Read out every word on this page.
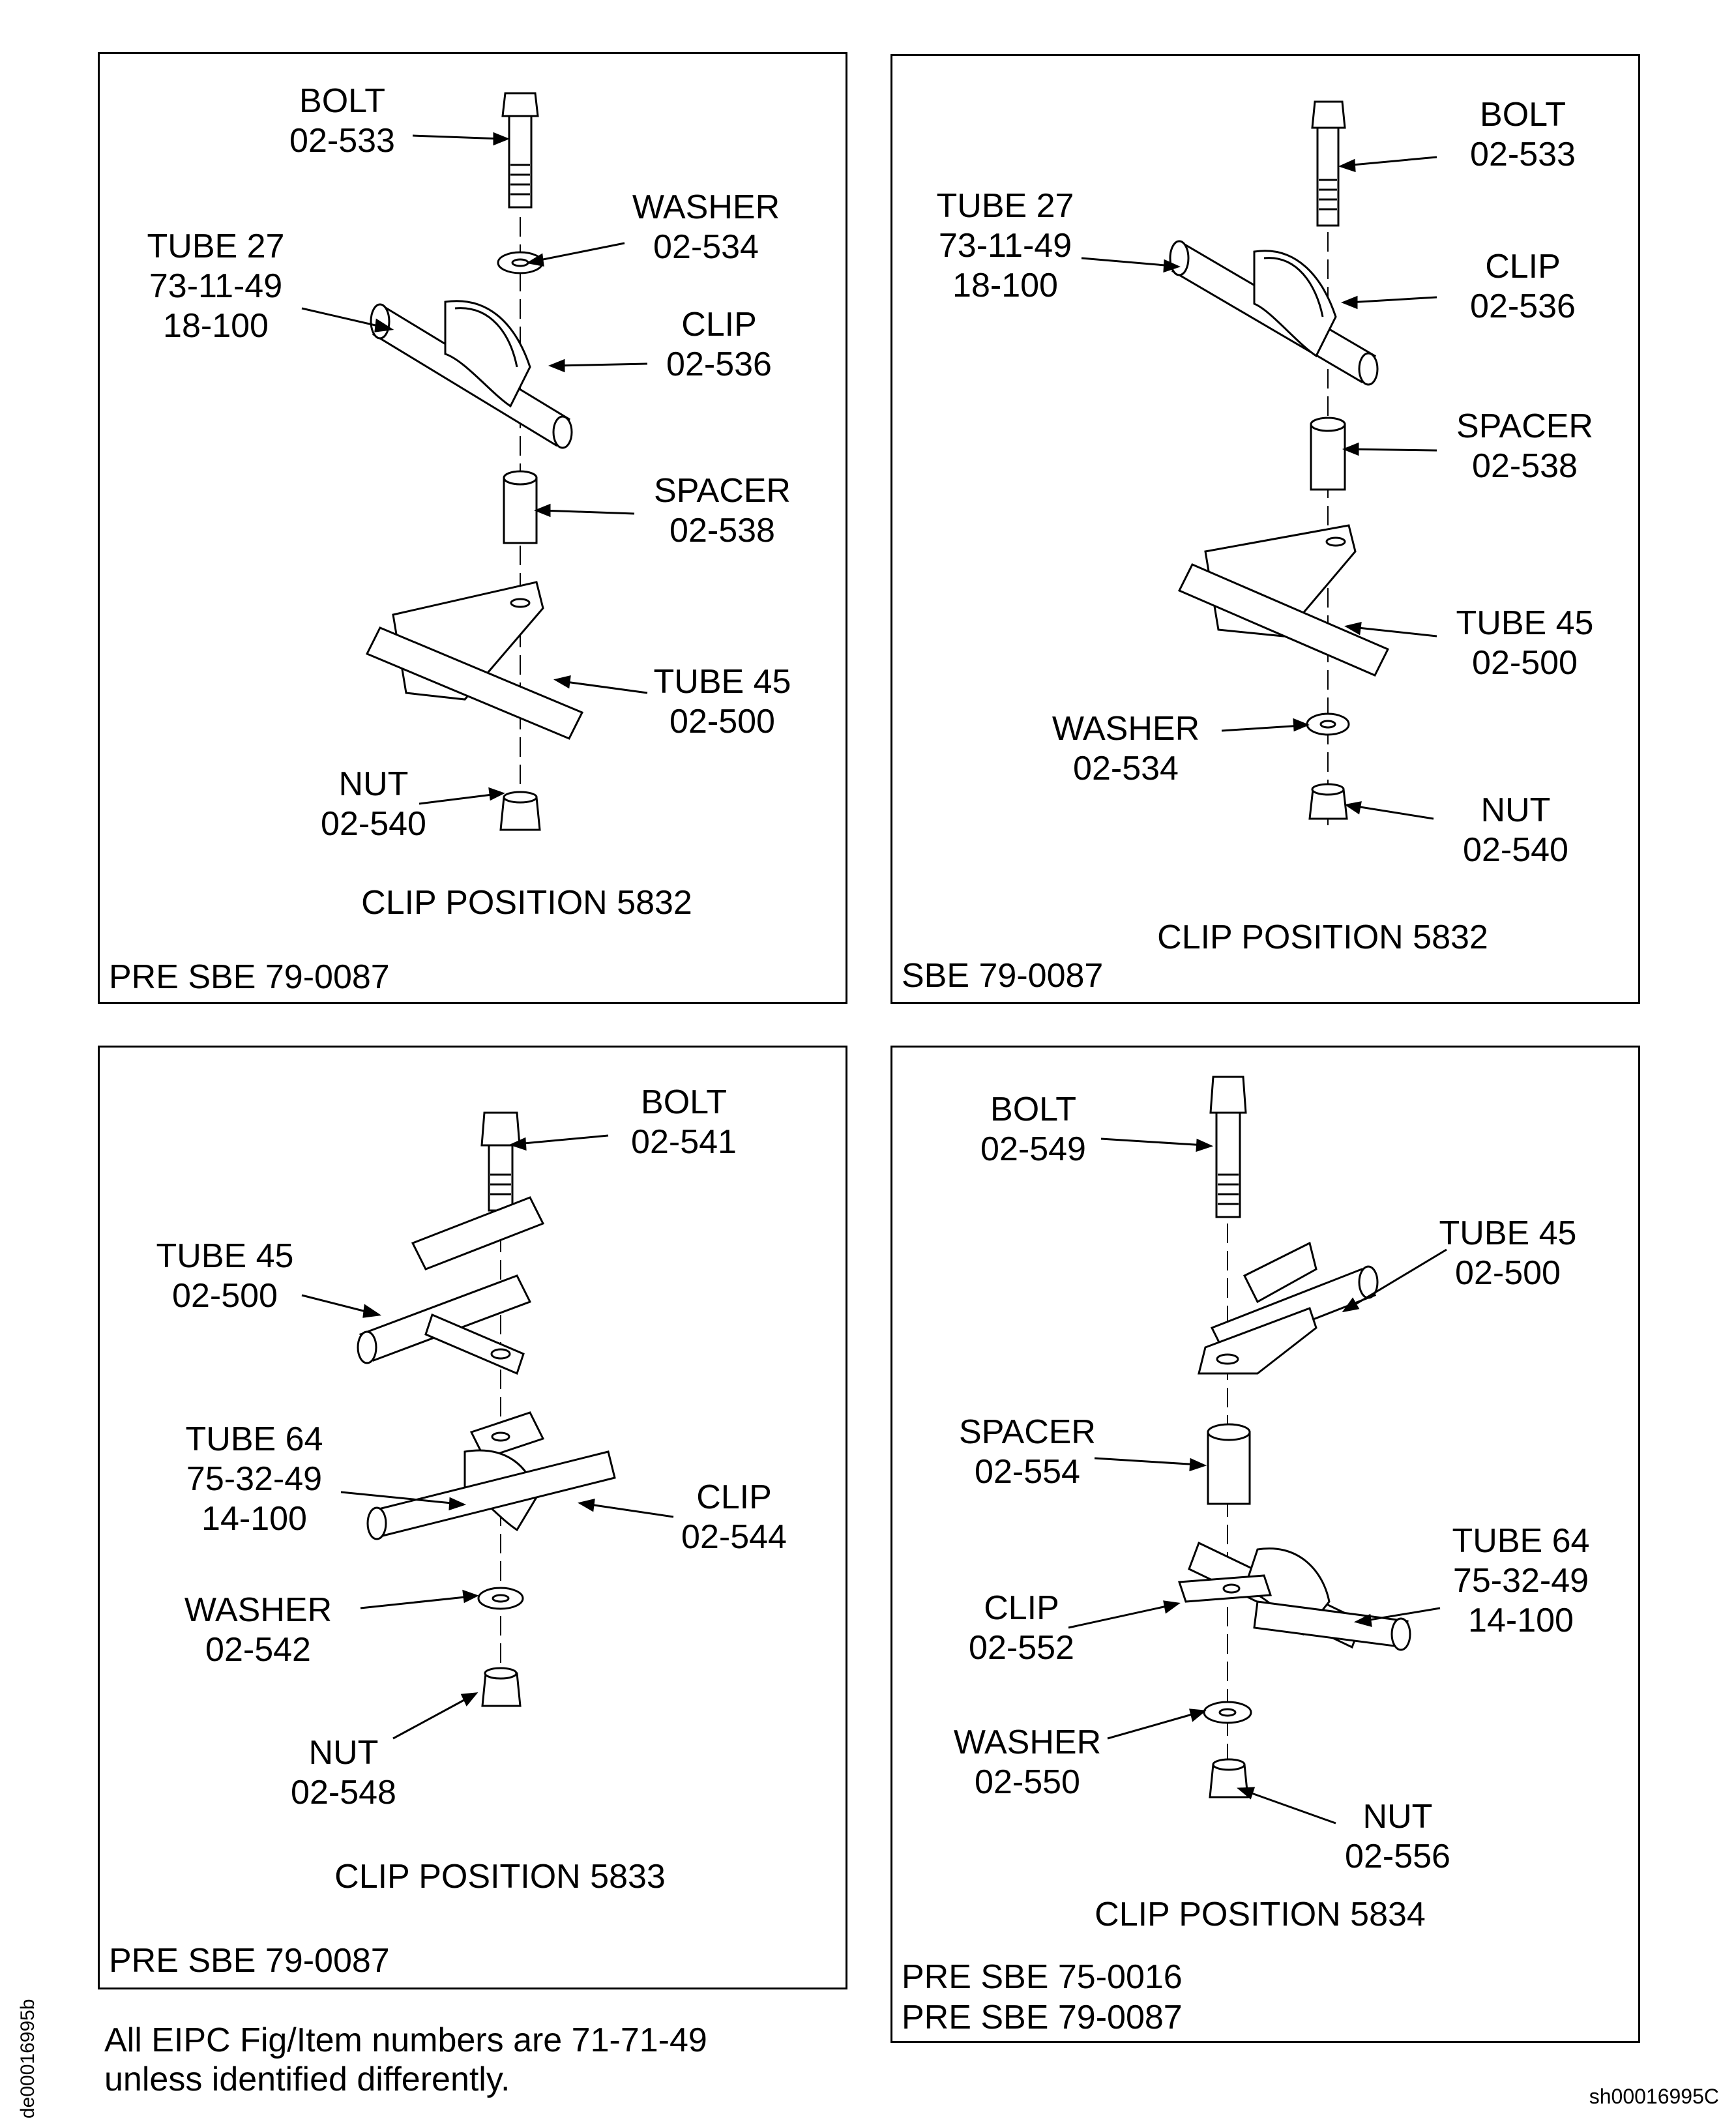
BOLT
02-533
WASHER
02-534
TUBE 27
73-11-49
18-100	CLIP
02-536
SPACER
02-538
TUBE 45
02-500
NUT
02-540
CLIP POSITION 5832
PRE SBE 79-0087
BOLT
02-533
TUBE 27
73-11-49
18-100	CLIP
02-536
SPACER
02-538
TUBE 45
02-500
WASHER
02-534
NUT
02-540
CLIP POSITION 5832
SBE 79-0087
BOLT
02-541
TUBE 45
02-500
TUBE 64
75-32-49
14-100
CLIP
02-544
WASHER
02-542
NUT
02-548
CLIP POSITION 5833
PRE SBE 79-0087
BOLT
02-549
TUBE 45
02-500
SPACER
02-554
TUBE 64
75-32-49
14-100
CLIP
02-552
WASHER
02-550
NUT
02-556
CLIP POSITION 5834
PRE SBE 75-0016
PRE SBE 79-0087
All EIPC Fig/Item numbers are 71-71-49
unless identified differently.
de00016995b	sh00016995C
